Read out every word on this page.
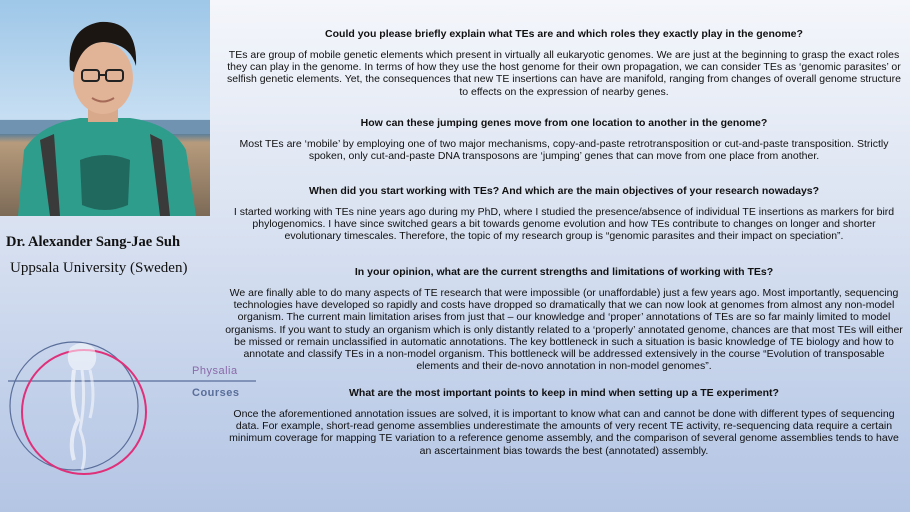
Dr. Alexander Sang-Jae Suh
Uppsala University (Sweden)
Physalia
Courses

Could you please briefly explain what TEs are and which roles they exactly play in the genome?

TEs are group of mobile genetic elements which present in virtually all eukaryotic genomes. We are just at the beginning to grasp the exact roles they can play in the genome. In terms of how they use the host genome for their own propagation, we can consider TEs as ‘genomic parasites’ or selfish genetic elements. Yet, the consequences that new TE insertions can have are manifold, ranging from changes of overall genome structure to effects on the expression of nearby genes.

How can these jumping genes move from one location to another in the genome?

Most TEs are ‘mobile’ by employing one of two major mechanisms, copy-and-paste retrotransposition or cut-and-paste transposition. Strictly spoken, only cut-and-paste DNA transposons are ‘jumping’ genes that can move from one place from another.

When did you start working with TEs? And which are the main objectives of your research nowadays?

I started working with TEs nine years ago during my PhD, where I studied the presence/absence of individual TE insertions as markers for bird phylogenomics. I have since switched gears a bit towards genome evolution and how TEs contribute to changes on longer and shorter evolutionary timescales. Therefore, the topic of my research group is “genomic parasites and their impact on speciation”.

In your opinion, what are the current strengths and limitations of working with TEs?

We are finally able to do many aspects of TE research that were impossible (or unaffordable) just a few years ago. Most importantly, sequencing technologies have developed so rapidly and costs have dropped so dramatically that we can now look at genomes from almost any non-model organism. The current main limitation arises from just that – our knowledge and ‘proper’ annotations of TEs are so far mainly limited to model organisms. If you want to study an organism which is only distantly related to a ‘properly’ annotated genome, chances are that most TEs will either be missed or remain unclassified in automatic annotations. The key bottleneck in such a situation is basic knowledge of TE biology and how to annotate and classify TEs in a non-model organism. This bottleneck will be addressed extensively in the course “Evolution of transposable elements and their de-novo annotation in non-model genomes”.

What are the most important points to keep in mind when setting up a TE experiment?

Once the aforementioned annotation issues are solved, it is important to know what can and cannot be done with different types of sequencing data. For example, short-read genome assemblies underestimate the amounts of very recent TE activity, re-sequencing data require a certain minimum coverage for mapping TE variation to a reference genome assembly, and the comparison of several genome assemblies tends to have an ascertainment bias towards the best (annotated) assembly.
